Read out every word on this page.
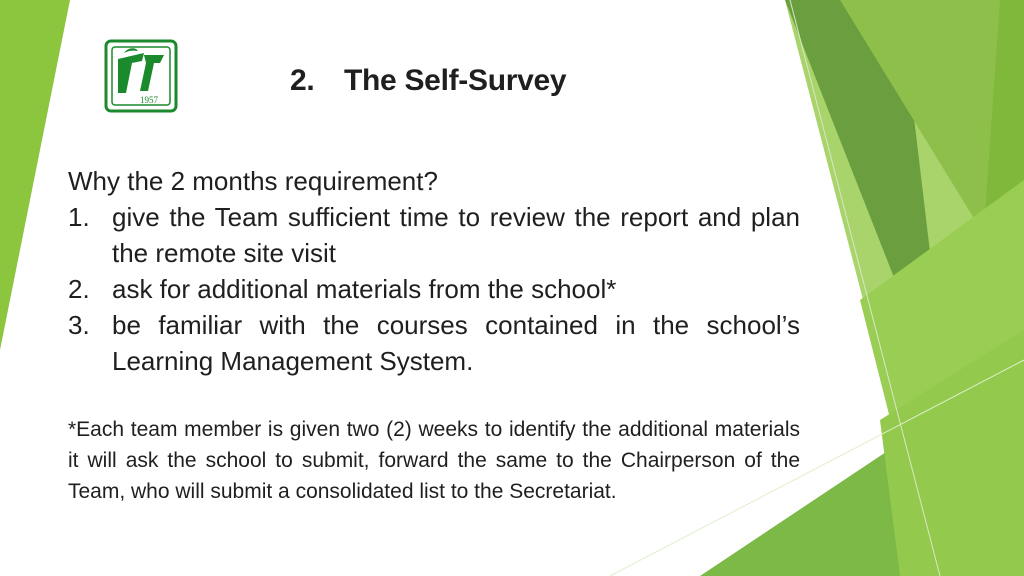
1957
2. The Self-Survey
Why the 2 months requirement?
1. give the Team sufficient time to review the report and plan the remote site visit
2. ask for additional materials from the school*
3. be familiar with the courses contained in the school’s Learning Management System.
*Each team member is given two (2) weeks to identify the additional materials it will ask the school to submit, forward the same to the Chairperson of the Team, who will submit a consolidated list to the Secretariat.
